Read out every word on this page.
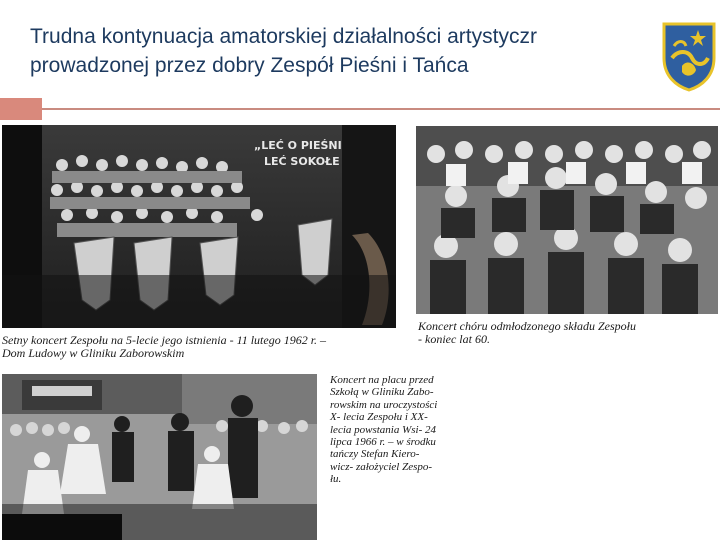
Trudna kontynuacja amatorskiej działalności artystyczr
prowadzonej przez dobry Zespół Pieśni i Tańca
„LEĆ O PIEŚNI
LEĆ SOKOŁE
Setny koncert Zespołu na 5-lecie jego istnienia - 11 lutego 1962 r. –
Dom Ludowy w Gliniku Zaborowskim
Koncert chóru odmłodzonego składu Zespołu
- koniec lat 60.
Koncert na placu przed
Szkołą w Gliniku Zabo-
rowskim na uroczystości
X- lecia Zespołu i XX-
lecia powstania Wsi- 24
lipca 1966 r. – w środku
tańczy Stefan Kiero-
wicz- założyciel Zespo-
łu.
